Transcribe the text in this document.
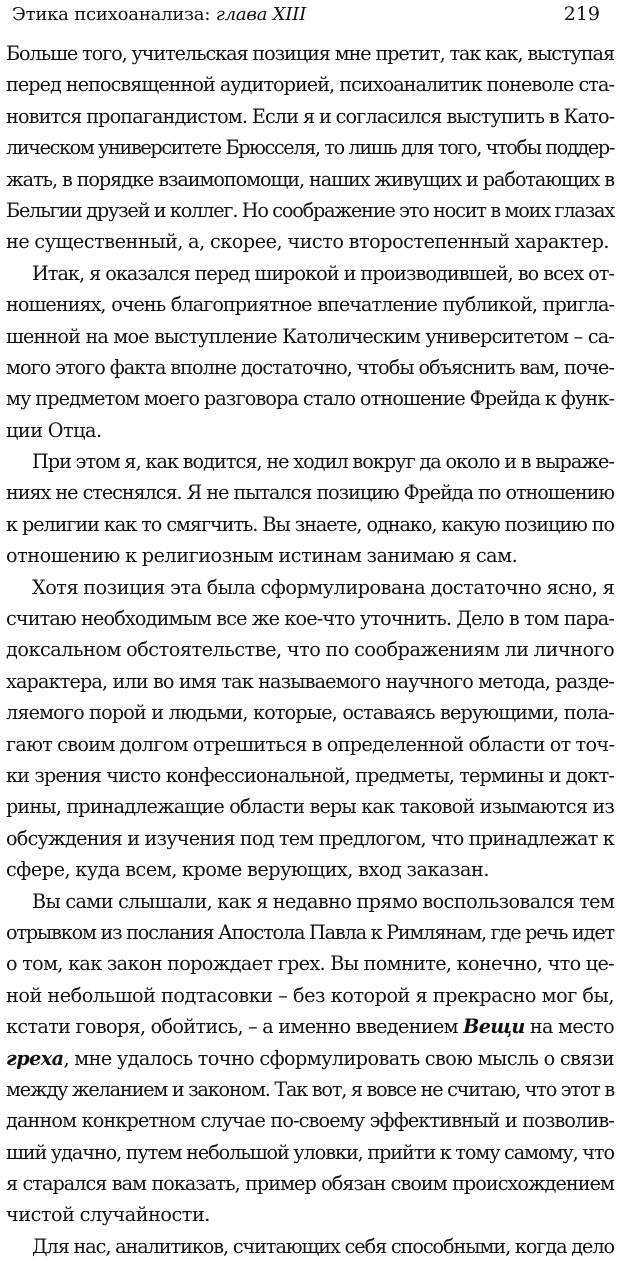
Этика психоанализа: глава XIII	219
Больше того, учительская позиция мне претит, так как, выступая
перед непосвященной аудиторией, психоаналитик поневоле ста-
новится пропагандистом. Если я и согласился выступить в Като-
лическом университете Брюсселя, то лишь для того, чтобы поддер-
жать, в порядке взаимопомощи, наших живущих и работающих в
Бельгии друзей и коллег. Но соображение это носит в моих глазах
не существенный, а, скорее, чисто второстепенный характер.
Итак, я оказался перед широкой и производившей, во всех от-
ношениях, очень благоприятное впечатление публикой, пригла-
шенной на мое выступление Католическим университетом – са-
мого этого факта вполне достаточно, чтобы объяснить вам, поче-
му предметом моего разговора стало отношение Фрейда к функ-
ции Отца.
При этом я, как водится, не ходил вокруг да около и в выраже-
ниях не стеснялся. Я не пытался позицию Фрейда по отношению
к религии как то смягчить. Вы знаете, однако, какую позицию по
отношению к религиозным истинам занимаю я сам.
Хотя позиция эта была сформулирована достаточно ясно, я
считаю необходимым все же кое-что уточнить. Дело в том пара-
доксальном обстоятельстве, что по соображениям ли личного
характера, или во имя так называемого научного метода, разде-
ляемого порой и людьми, которые, оставаясь верующими, пола-
гают своим долгом отрешиться в определенной области от точ-
ки зрения чисто конфессиональной, предметы, термины и докт-
рины, принадлежащие области веры как таковой изымаются из
обсуждения и изучения под тем предлогом, что принадлежат к
сфере, куда всем, кроме верующих, вход заказан.
Вы сами слышали, как я недавно прямо воспользовался тем
отрывком из послания Апостола Павла к Римлянам, где речь идет
о том, как закон порождает грех. Вы помните, конечно, что це-
ной небольшой подтасовки – без которой я прекрасно мог бы,
кстати говоря, обойтись, – а именно введением Вещи на место
греха, мне удалось точно сформулировать свою мысль о связи
между желанием и законом. Так вот, я вовсе не считаю, что этот в
данном конкретном случае по-своему эффективный и позволив-
ший удачно, путем небольшой уловки, прийти к тому самому, что
я старался вам показать, пример обязан своим происхождением
чистой случайности.
Для нас, аналитиков, считающих себя способными, когда дело
